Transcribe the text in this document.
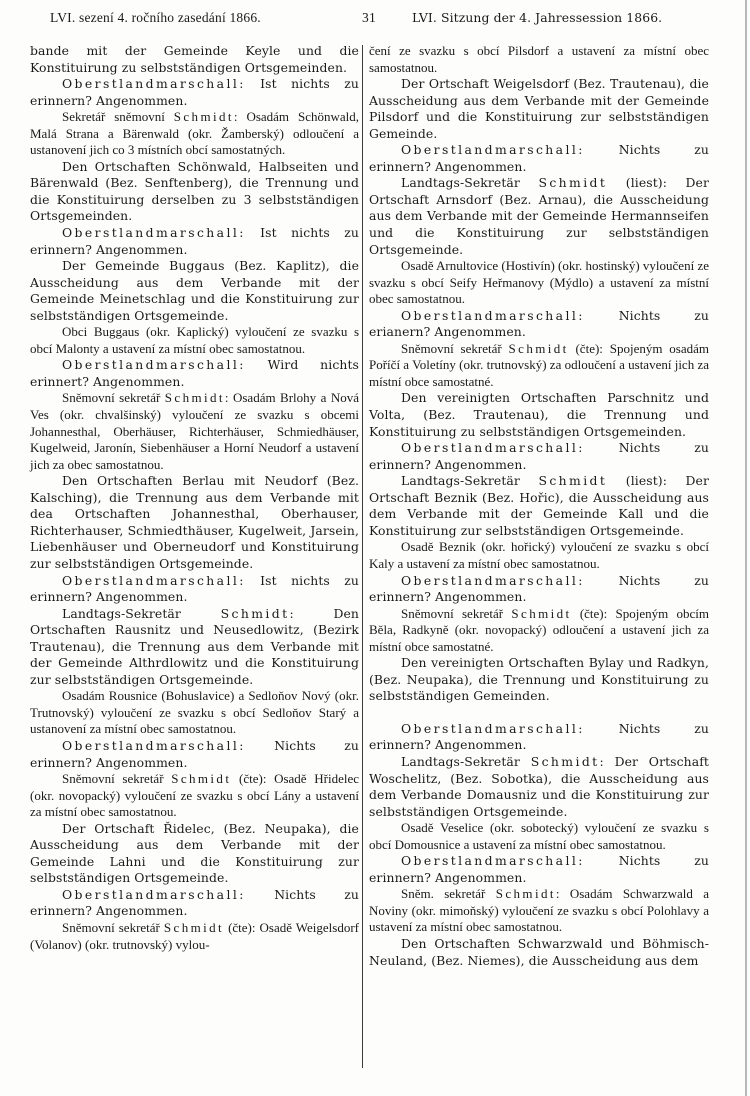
LVI. sezení 4. ročního zasedání 1866.	31	LVI. Sitzung der 4. Jahressession 1866.

bande mit der Gemeinde Keyle und die Konstituirung zu selbstständigen Ortsgemeinden.

Oberstlandmarschall: Ist nichts zu erinnern? Angenommen.

Sekretář sněmovní Schmidt: Osadám Schönwald, Malá Strana a Bärenwald (okr. Žamberský) odloučení a ustanovení jich co 3 místních obcí samostatných.

Den Ortschaften Schönwald, Halbseiten und Bärenwald (Bez. Senftenberg), die Trennung und die Konstituirung derselben zu 3 selbstständigen Ortsgemeinden.

Oberstlandmarschall: Ist nichts zu erinnern? Angenommen.

Der Gemeinde Buggaus (Bez. Kaplitz), die Ausscheidung aus dem Verbande mit der Gemeinde Meinetschlag und die Konstituirung zur selbstständigen Ortsgemeinde.

Obci Buggaus (okr. Kaplický) vyloučení ze svazku s obcí Malonty a ustavení za místní obec samostatnou.

Oberstlandmarschall: Wird nichts erinnert? Angenommen.

Sněmovní sekretář Schmidt: Osadám Brlohy a Nová Ves (okr. chvalšinský) vyloučení ze svazku s obcemi Johannesthal, Oberhäuser, Richterhäuser, Schmiedhäuser, Kugelweid, Jaronín, Siebenhäuser a Horní Neudorf a ustavení jich za obec samostatnou.

Den Ortschaften Berlau mit Neudorf (Bez. Kalsching), die Trennung aus dem Verbande mit dea Ortschaften Johannesthal, Oberhauser, Richterhauser, Schmiedthäuser, Kugelweit, Jarsein, Liebenhäuser und Oberneudorf und Konstituirung zur selbstständigen Ortsgemeinde.

Oberstlandmarschall: Ist nichts zu erinnern? Angenommen.

Landtags-Sekretär Schmidt: Den Ortschaften Rausnitz und Neusedlowitz, (Bezirk Trautenau), die Trennung aus dem Verbande mit der Gemeinde Althrdlowitz und die Konstituirung zur selbstständigen Ortsgemeinde.

Osadám Rousnice (Bohuslavice) a Sedloňov Nový (okr. Trutnovský) vyloučení ze svazku s obcí Sedloňov Starý a ustanovení za místní obec samostatnou.

Oberstlandmarschall: Nichts zu erinnern? Angenommen.

Sněmovní sekretář Schmidt (čte): Osadě Hřidelec (okr. novopacký) vyloučení ze svazku s obcí Lány a ustavení za místní obec samostatnou.

Der Ortschaft Řidelec, (Bez. Neupaka), die Ausscheidung aus dem Verbande mit der Gemeinde Lahni und die Konstituirung zur selbstständigen Ortsgemeinde.

Oberstlandmarschall: Nichts zu erinnern? Angenommen.

Sněmovní sekretář Schmidt (čte): Osadě Weigelsdorf (Volanov) (okr. trutnovský) vylou-

čení ze svazku s obcí Pilsdorf a ustavení za místní obec samostatnou.

Der Ortschaft Weigelsdorf (Bez. Trautenau), die Ausscheidung aus dem Verbande mit der Gemeinde Pilsdorf und die Konstituirung zur selbstständigen Gemeinde.

Oberstlandmarschall: Nichts zu erinnern? Angenommen.

Landtags-Sekretär Schmidt (liest): Der Ortschaft Arnsdorf (Bez. Arnau), die Ausscheidung aus dem Verbande mit der Gemeinde Hermannseifen und die Konstituirung zur selbstständigen Ortsgemeinde.

Osadě Arnultovice (Hostivín) (okr. hostinský) vyloučení ze svazku s obcí Seify Heřmanovy (Mýdlo) a ustavení za místní obec samostatnou.

Oberstlandmarschall: Nichts zu erianern? Angenommen.

Sněmovní sekretář Schmidt (čte): Spojeným osadám Poříčí a Voletíny (okr. trutnovský) za odloučení a ustavení jich za místní obce samostatné.

Den vereinigten Ortschaften Parschnitz und Volta, (Bez. Trautenau), die Trennung und Konstituirung zu selbstständigen Ortsgemeinden.

Oberstlandmarschall: Nichts zu erinnern? Angenommen.

Landtags-Sekretär Schmidt (liest): Der Ortschaft Beznik (Bez. Hořic), die Ausscheidung aus dem Verbande mit der Gemeinde Kall und die Konstituirung zur selbstständigen Ortsgemeinde.

Osadě Beznik (okr. hořický) vyloučení ze svazku s obcí Kaly a ustavení za místní obec samostatnou.

Oberstlandmarschall: Nichts zu erinnern? Angenommen.

Sněmovní sekretář Schmidt (čte): Spojeným obcím Běla, Radkyně (okr. novopacký) odloučení a ustavení jich za místní obce samostatné.

Den vereinigten Ortschaften Bylay und Radkyn, (Bez. Neupaka), die Trennung und Konstituirung zu selbstständigen Gemeinden.

Oberstlandmarschall: Nichts zu erinnern? Angenommen.

Landtags-Sekretär Schmidt: Der Ortschaft Woschelitz, (Bez. Sobotka), die Ausscheidung aus dem Verbande Domausniz und die Konstituirung zur selbstständigen Ortsgemeinde.

Osadě Veselice (okr. sobotecký) vyloučení ze svazku s obcí Domousnice a ustavení za místní obec samostatnou.

Oberstlandmarschall: Nichts zu erinnern? Angenommen.

Sněm. sekretář Schmidt: Osadám Schwarzwald a Noviny (okr. mimoňský) vyloučení ze svazku s obcí Polohlavy a ustavení za místní obec samostatnou.

Den Ortschaften Schwarzwald und Böhmisch-Neuland, (Bez. Niemes), die Ausscheidung aus dem
